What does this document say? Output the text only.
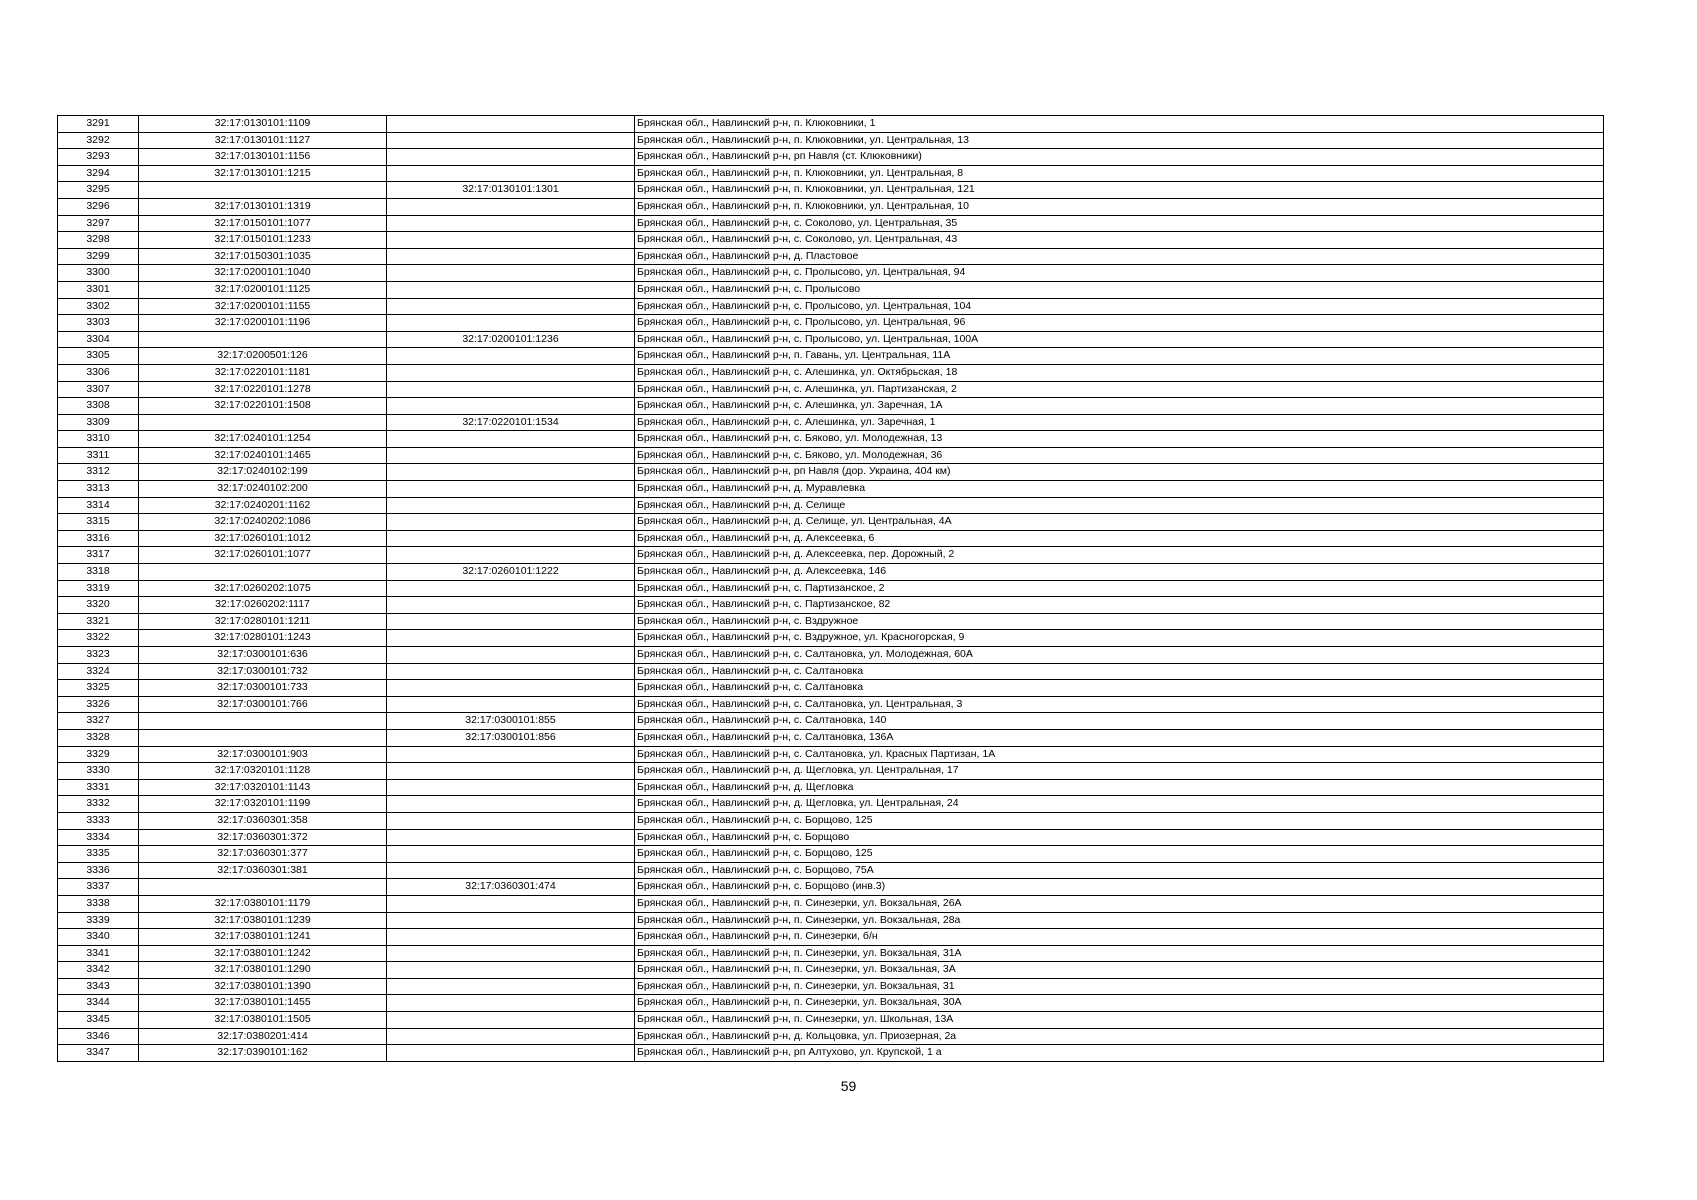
3291	32:17:0130101:1109		Брянская обл., Навлинский р-н, п. Клюковники, 1
3292	32:17:0130101:1127		Брянская обл., Навлинский р-н, п. Клюковники, ул. Центральная, 13
3293	32:17:0130101:1156		Брянская обл., Навлинский р-н, рп Навля (ст. Клюковники)
3294	32:17:0130101:1215		Брянская обл., Навлинский р-н, п. Клюковники, ул. Центральная, 8
3295		32:17:0130101:1301	Брянская обл., Навлинский р-н, п. Клюковники, ул. Центральная, 121
3296	32:17:0130101:1319		Брянская обл., Навлинский р-н, п. Клюковники, ул. Центральная, 10
3297	32:17:0150101:1077		Брянская обл., Навлинский р-н, с. Соколово, ул. Центральная, 35
3298	32:17:0150101:1233		Брянская обл., Навлинский р-н, с. Соколово, ул. Центральная, 43
3299	32:17:0150301:1035		Брянская обл., Навлинский р-н, д. Пластовое
3300	32:17:0200101:1040		Брянская обл., Навлинский р-н, с. Пролысово, ул. Центральная, 94
3301	32:17:0200101:1125		Брянская обл., Навлинский р-н, с. Пролысово
3302	32:17:0200101:1155		Брянская обл., Навлинский р-н, с. Пролысово, ул. Центральная, 104
3303	32:17:0200101:1196		Брянская обл., Навлинский р-н, с. Пролысово, ул. Центральная, 96
3304		32:17:0200101:1236	Брянская обл., Навлинский р-н, с. Пролысово, ул. Центральная, 100А
3305	32:17:0200501:126		Брянская обл., Навлинский р-н, п. Гавань, ул. Центральная, 11А
3306	32:17:0220101:1181		Брянская обл., Навлинский р-н, с. Алешинка, ул. Октябрьская, 18
3307	32:17:0220101:1278		Брянская обл., Навлинский р-н, с. Алешинка, ул. Партизанская, 2
3308	32:17:0220101:1508		Брянская обл., Навлинский р-н, с. Алешинка, ул. Заречная, 1А
3309		32:17:0220101:1534	Брянская обл., Навлинский р-н, с. Алешинка, ул. Заречная, 1
3310	32:17:0240101:1254		Брянская обл., Навлинский р-н, с. Бяково, ул. Молодежная, 13
3311	32:17:0240101:1465		Брянская обл., Навлинский р-н, с. Бяково, ул. Молодежная, 36
3312	32:17:0240102:199		Брянская обл., Навлинский р-н, рп Навля (дор. Украина, 404 км)
3313	32:17:0240102:200		Брянская обл., Навлинский р-н, д. Муравлевка
3314	32:17:0240201:1162		Брянская обл., Навлинский р-н, д. Селище
3315	32:17:0240202:1086		Брянская обл., Навлинский р-н, д. Селище, ул. Центральная, 4А
3316	32:17:0260101:1012		Брянская обл., Навлинский р-н, д. Алексеевка, 6
3317	32:17:0260101:1077		Брянская обл., Навлинский р-н, д. Алексеевка, пер. Дорожный, 2
3318		32:17:0260101:1222	Брянская обл., Навлинский р-н, д. Алексеевка, 146
3319	32:17:0260202:1075		Брянская обл., Навлинский р-н, с. Партизанское, 2
3320	32:17:0260202:1117		Брянская обл., Навлинский р-н, с. Партизанское, 82
3321	32:17:0280101:1211		Брянская обл., Навлинский р-н, с. Вздружное
3322	32:17:0280101:1243		Брянская обл., Навлинский р-н, с. Вздружное, ул. Красногорская, 9
3323	32:17:0300101:636		Брянская обл., Навлинский р-н, с. Салтановка, ул. Молодежная, 60А
3324	32:17:0300101:732		Брянская обл., Навлинский р-н, с. Салтановка
3325	32:17:0300101:733		Брянская обл., Навлинский р-н, с. Салтановка
3326	32:17:0300101:766		Брянская обл., Навлинский р-н, с. Салтановка, ул. Центральная, 3
3327		32:17:0300101:855	Брянская обл., Навлинский р-н, с. Салтановка, 140
3328		32:17:0300101:856	Брянская обл., Навлинский р-н, с. Салтановка, 136А
3329	32:17:0300101:903		Брянская обл., Навлинский р-н, с. Салтановка, ул. Красных Партизан, 1А
3330	32:17:0320101:1128		Брянская обл., Навлинский р-н, д. Щегловка, ул. Центральная, 17
3331	32:17:0320101:1143		Брянская обл., Навлинский р-н, д. Щегловка
3332	32:17:0320101:1199		Брянская обл., Навлинский р-н, д. Щегловка, ул. Центральная, 24
3333	32:17:0360301:358		Брянская обл., Навлинский р-н, с. Борщово, 125
3334	32:17:0360301:372		Брянская обл., Навлинский р-н, с. Борщово
3335	32:17:0360301:377		Брянская обл., Навлинский р-н, с. Борщово, 125
3336	32:17:0360301:381		Брянская обл., Навлинский р-н, с. Борщово, 75А
3337		32:17:0360301:474	Брянская обл., Навлинский р-н, с. Борщово (инв.3)
3338	32:17:0380101:1179		Брянская обл., Навлинский р-н, п. Синезерки, ул. Вокзальная, 26А
3339	32:17:0380101:1239		Брянская обл., Навлинский р-н, п. Синезерки, ул. Вокзальная, 28а
3340	32:17:0380101:1241		Брянская обл., Навлинский р-н, п. Синезерки, б/н
3341	32:17:0380101:1242		Брянская обл., Навлинский р-н, п. Синезерки, ул. Вокзальная, 31А
3342	32:17:0380101:1290		Брянская обл., Навлинский р-н, п. Синезерки, ул. Вокзальная, 3А
3343	32:17:0380101:1390		Брянская обл., Навлинский р-н, п. Синезерки, ул. Вокзальная, 31
3344	32:17:0380101:1455		Брянская обл., Навлинский р-н, п. Синезерки, ул. Вокзальная, 30А
3345	32:17:0380101:1505		Брянская обл., Навлинский р-н, п. Синезерки, ул. Школьная, 13А
3346	32:17:0380201:414		Брянская обл., Навлинский р-н, д. Кольцовка, ул. Приозерная, 2а
3347	32:17:0390101:162		Брянская обл., Навлинский р-н, рп Алтухово, ул. Крупской, 1 а
59
